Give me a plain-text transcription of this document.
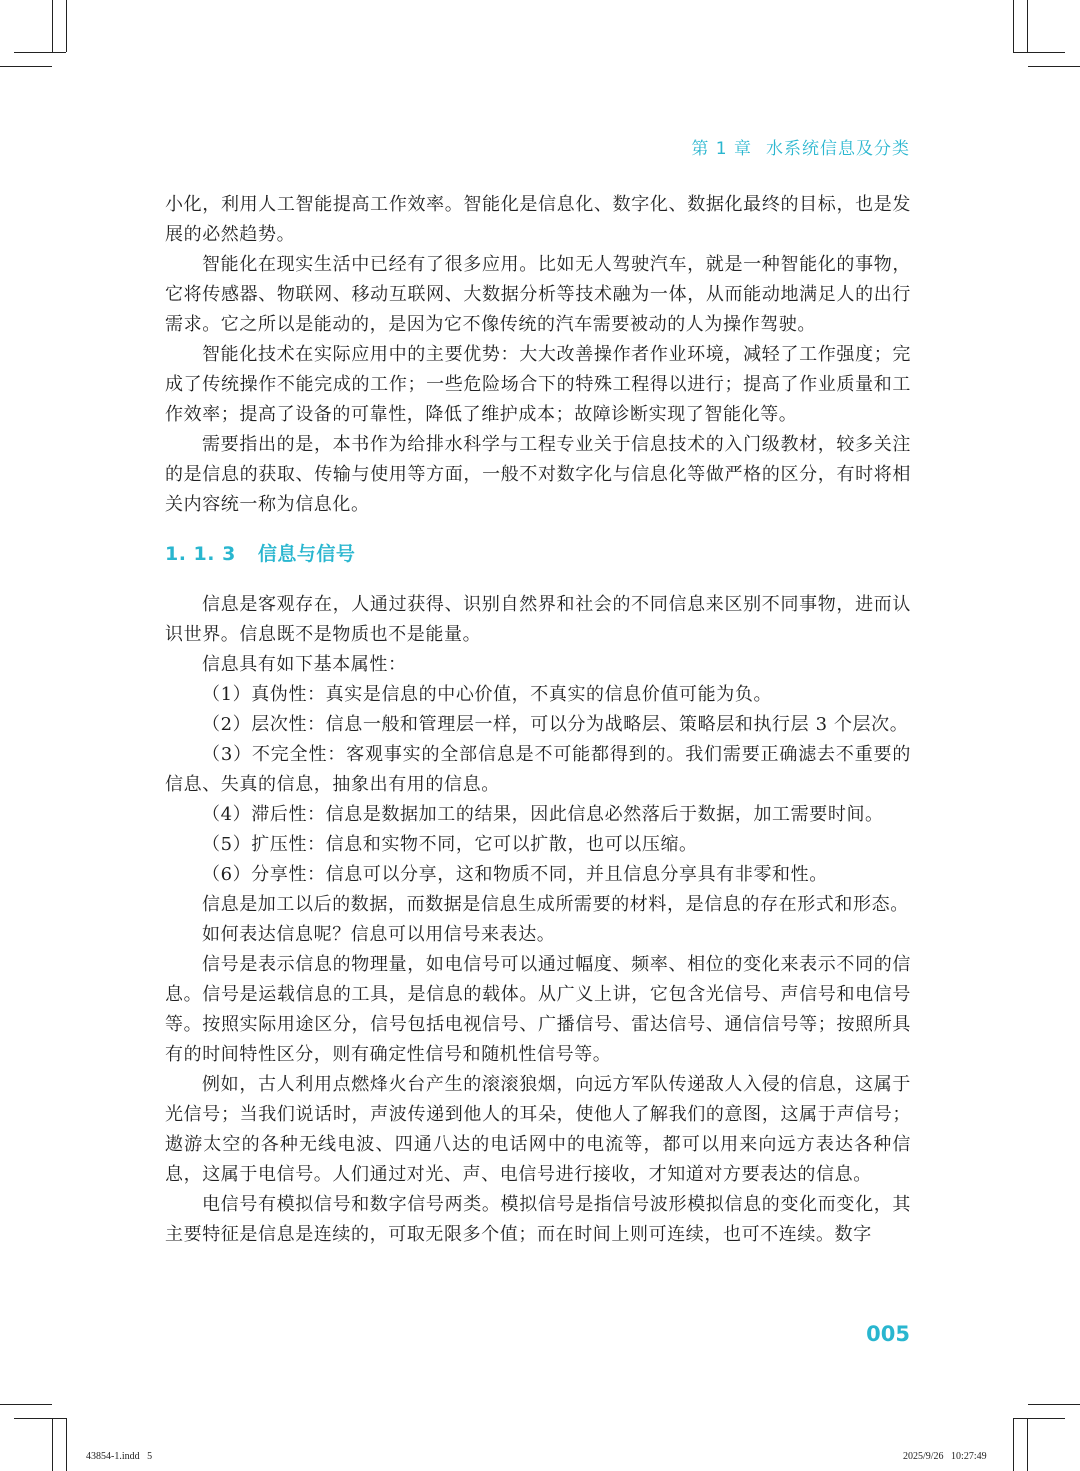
第 1 章 水系统信息及分类

小化，利用人工智能提高工作效率。智能化是信息化、数字化、数据化最终的目标，也是发展的必然趋势。

智能化在现实生活中已经有了很多应用。比如无人驾驶汽车，就是一种智能化的事物，它将传感器、物联网、移动互联网、大数据分析等技术融为一体，从而能动地满足人的出行需求。它之所以是能动的，是因为它不像传统的汽车需要被动的人为操作驾驶。

智能化技术在实际应用中的主要优势：大大改善操作者作业环境，减轻了工作强度；完成了传统操作不能完成的工作；一些危险场合下的特殊工程得以进行；提高了作业质量和工作效率；提高了设备的可靠性，降低了维护成本；故障诊断实现了智能化等。

需要指出的是，本书作为给排水科学与工程专业关于信息技术的入门级教材，较多关注的是信息的获取、传输与使用等方面，一般不对数字化与信息化等做严格的区分，有时将相关内容统一称为信息化。

1. 1. 3 信息与信号

信息是客观存在，人通过获得、识别自然界和社会的不同信息来区别不同事物，进而认识世界。信息既不是物质也不是能量。

信息具有如下基本属性：

（1）真伪性：真实是信息的中心价值，不真实的信息价值可能为负。

（2）层次性：信息一般和管理层一样，可以分为战略层、策略层和执行层 3 个层次。

（3）不完全性：客观事实的全部信息是不可能都得到的。我们需要正确滤去不重要的信息、失真的信息，抽象出有用的信息。

（4）滞后性：信息是数据加工的结果，因此信息必然落后于数据，加工需要时间。

（5）扩压性：信息和实物不同，它可以扩散，也可以压缩。

（6）分享性：信息可以分享，这和物质不同，并且信息分享具有非零和性。

信息是加工以后的数据，而数据是信息生成所需要的材料，是信息的存在形式和形态。

如何表达信息呢？信息可以用信号来表达。

信号是表示信息的物理量，如电信号可以通过幅度、频率、相位的变化来表示不同的信息。信号是运载信息的工具，是信息的载体。从广义上讲，它包含光信号、声信号和电信号等。按照实际用途区分，信号包括电视信号、广播信号、雷达信号、通信信号等；按照所具有的时间特性区分，则有确定性信号和随机性信号等。

例如，古人利用点燃烽火台产生的滚滚狼烟，向远方军队传递敌人入侵的信息，这属于光信号；当我们说话时，声波传递到他人的耳朵，使他人了解我们的意图，这属于声信号；遨游太空的各种无线电波、四通八达的电话网中的电流等，都可以用来向远方表达各种信息，这属于电信号。人们通过对光、声、电信号进行接收，才知道对方要表达的信息。

电信号有模拟信号和数字信号两类。模拟信号是指信号波形模拟信息的变化而变化，其主要特征是信息是连续的，可取无限多个值；而在时间上则可连续，也可不连续。数字

005
43854-1.indd   5	2025/9/26   10:27:49
